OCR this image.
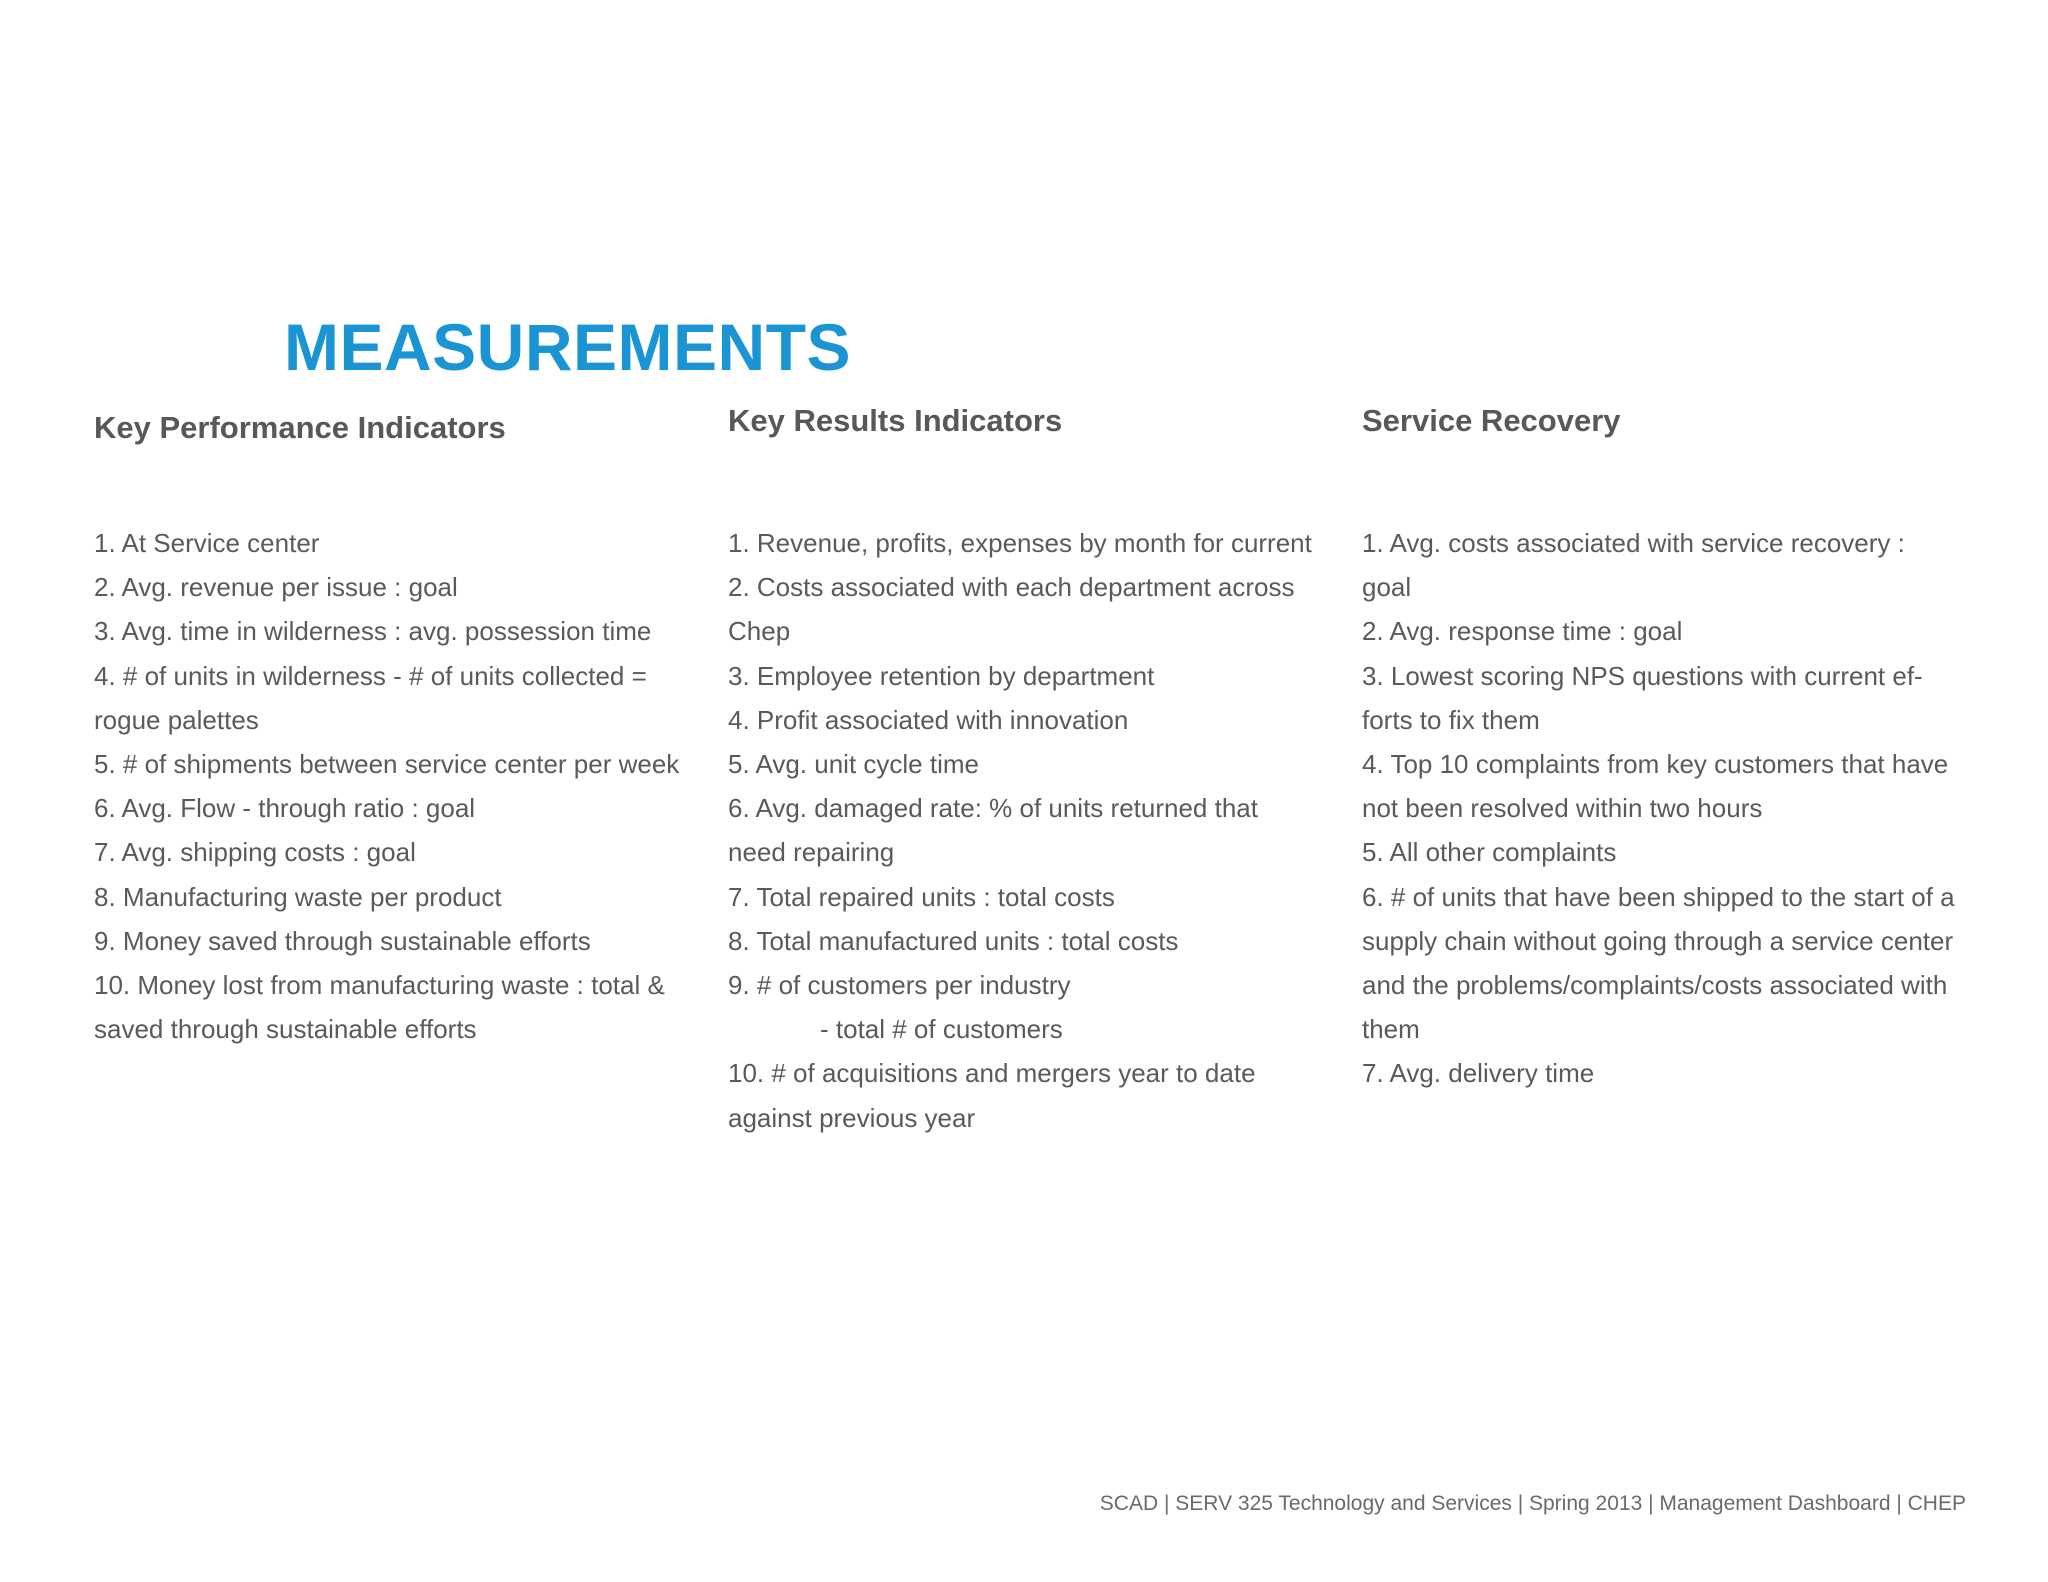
MEASUREMENTS
Key Performance Indicators
1. At Service center
2. Avg. revenue per issue : goal
3. Avg. time in wilderness : avg. possession time
4. # of units in wilderness - # of units collected =
rogue palettes
5. # of shipments between service center per week
6. Avg. Flow - through ratio : goal
7. Avg. shipping costs : goal
8. Manufacturing waste per product
9. Money saved through sustainable efforts
10. Money lost from manufacturing waste : total &
saved through sustainable efforts
Key Results Indicators
1. Revenue, profits, expenses by month for current
2. Costs associated with each department across
Chep
3. Employee retention by department
4. Profit associated with innovation
5. Avg. unit cycle time
6. Avg. damaged rate: % of units returned that
need repairing
7. Total repaired units : total costs
8. Total manufactured units : total costs
9. # of customers per industry
- total # of customers
10. # of acquisitions and mergers year to date
against previous year
Service Recovery
1. Avg. costs associated with service recovery :
goal
2. Avg. response time : goal
3. Lowest scoring NPS questions with current ef-
forts to fix them
4. Top 10 complaints from key customers that have
not been resolved within two hours
5. All other complaints
6. # of units that have been shipped to the start of a
supply chain without going through a service center
and the problems/complaints/costs associated with
them
7. Avg. delivery time
SCAD | SERV 325 Technology and Services | Spring 2013 | Management Dashboard | CHEP
